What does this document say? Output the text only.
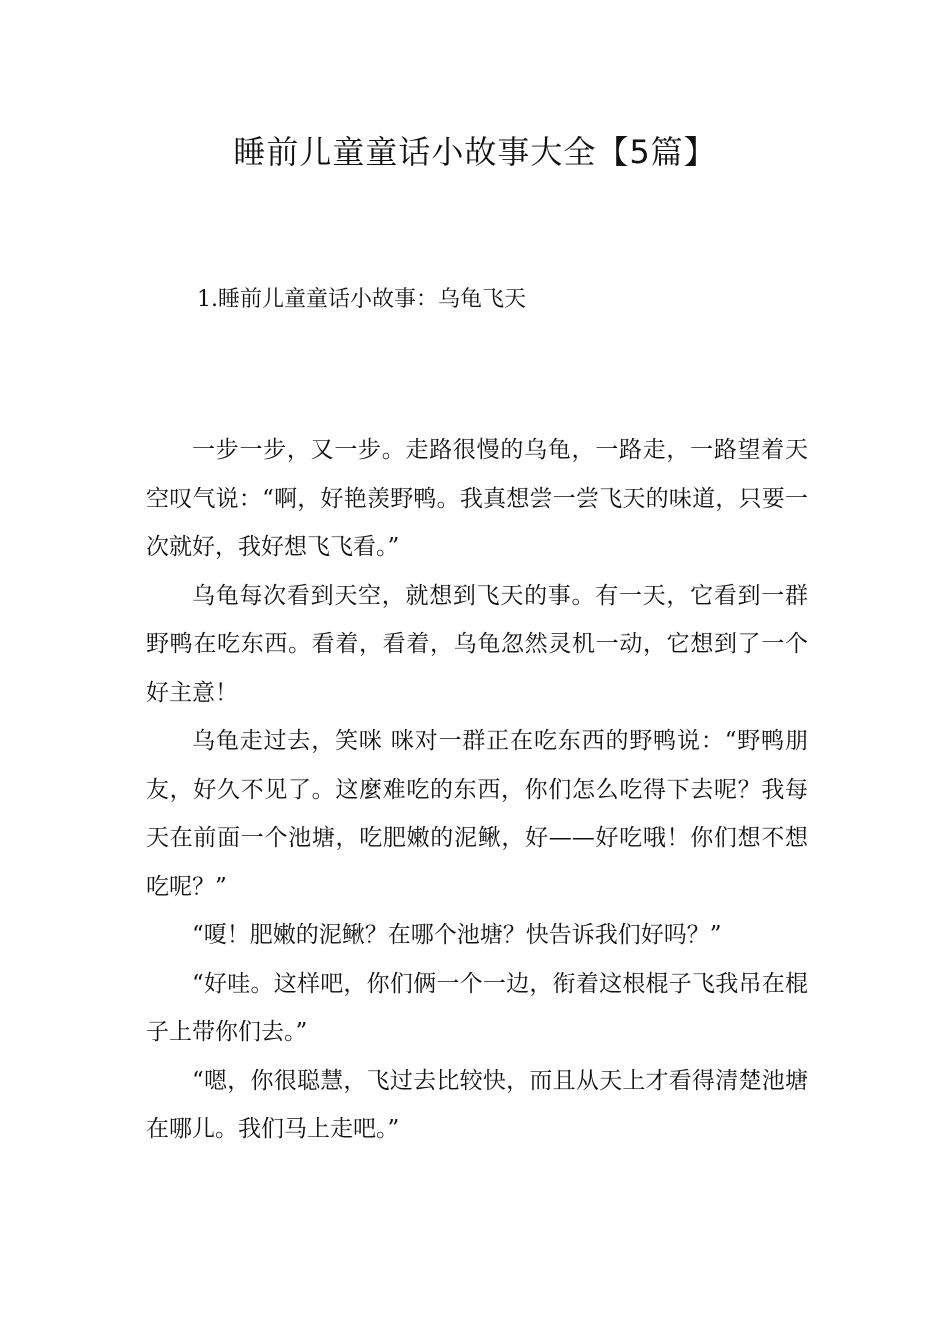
睡前儿童童话小故事大全【5篇】
1.睡前儿童童话小故事：乌龟飞天

一步一步，又一步。走路很慢的乌龟，一路走，一路望着天空叹气说：“啊，好艳羡野鸭。我真想尝一尝飞天的味道，只要一次就好，我好想飞飞看。”

乌龟每次看到天空，就想到飞天的事。有一天，它看到一群野鸭在吃东西。看着，看着，乌龟忽然灵机一动，它想到了一个好主意！

乌龟走过去，笑咪 咪对一群正在吃东西的野鸭说：“野鸭朋友，好久不见了。这麼难吃的东西，你们怎么吃得下去呢？我每天在前面一个池塘，吃肥嫩的泥鳅，好——好吃哦！你们想不想吃呢？”

“嗄！肥嫩的泥鳅？在哪个池塘？快告诉我们好吗？”

“好哇。这样吧，你们俩一个一边，衔着这根棍子飞我吊在棍子上带你们去。”

“嗯，你很聪慧，飞过去比较快，而且从天上才看得清楚池塘在哪儿。我们马上走吧。”
